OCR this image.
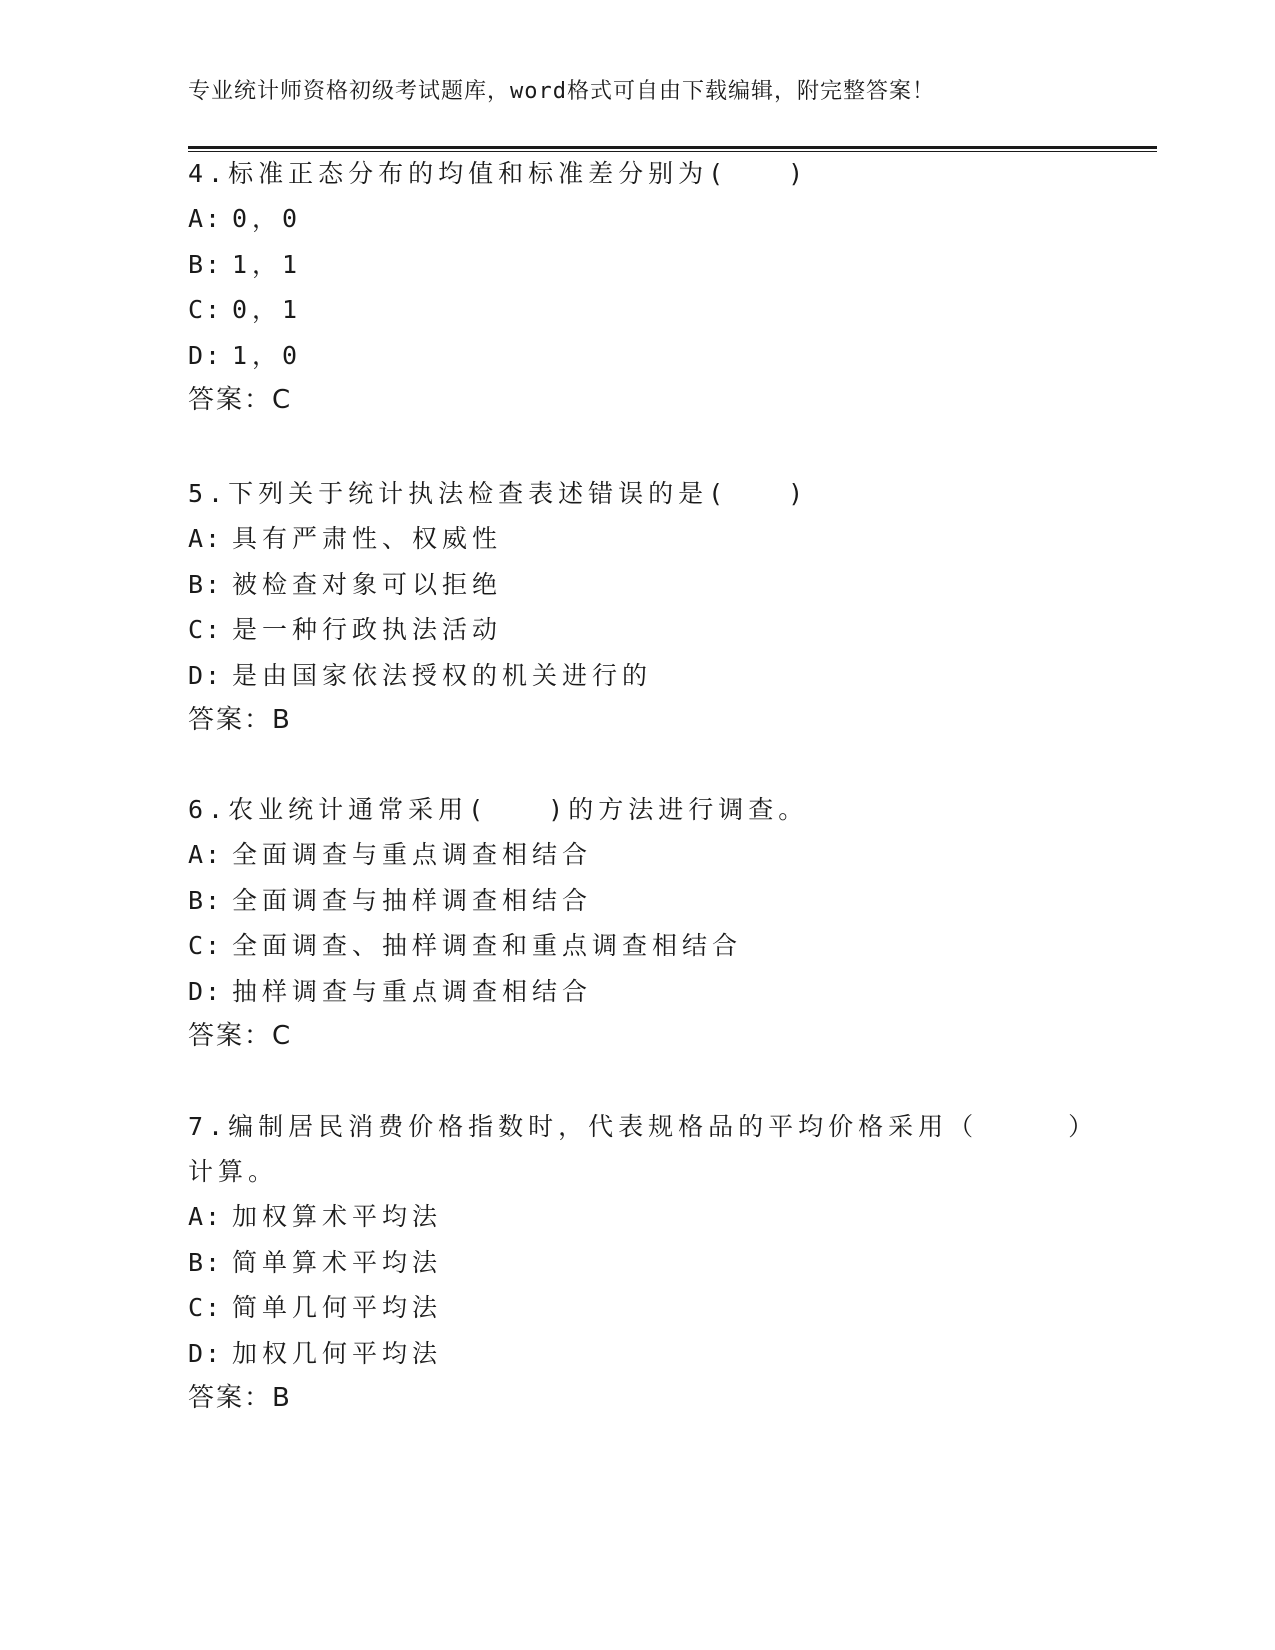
专业统计师资格初级考试题库，word格式可自由下载编辑，附完整答案！
4.标准正态分布的均值和标准差分别为(　　)
A: 0，0
B: 1，1
C: 0，1
D: 1，0
答案：C
5.下列关于统计执法检查表述错误的是(　　)
A: 具有严肃性、权威性
B: 被检查对象可以拒绝
C: 是一种行政执法活动
D: 是由国家依法授权的机关进行的
答案：B
6.农业统计通常采用(　　)的方法进行调查。
A: 全面调查与重点调查相结合
B: 全面调查与抽样调查相结合
C: 全面调查、抽样调查和重点调查相结合
D: 抽样调查与重点调查相结合
答案：C
7.编制居民消费价格指数时，代表规格品的平均价格采用（　　　）
计算。
A: 加权算术平均法
B: 简单算术平均法
C: 简单几何平均法
D: 加权几何平均法
答案：B
